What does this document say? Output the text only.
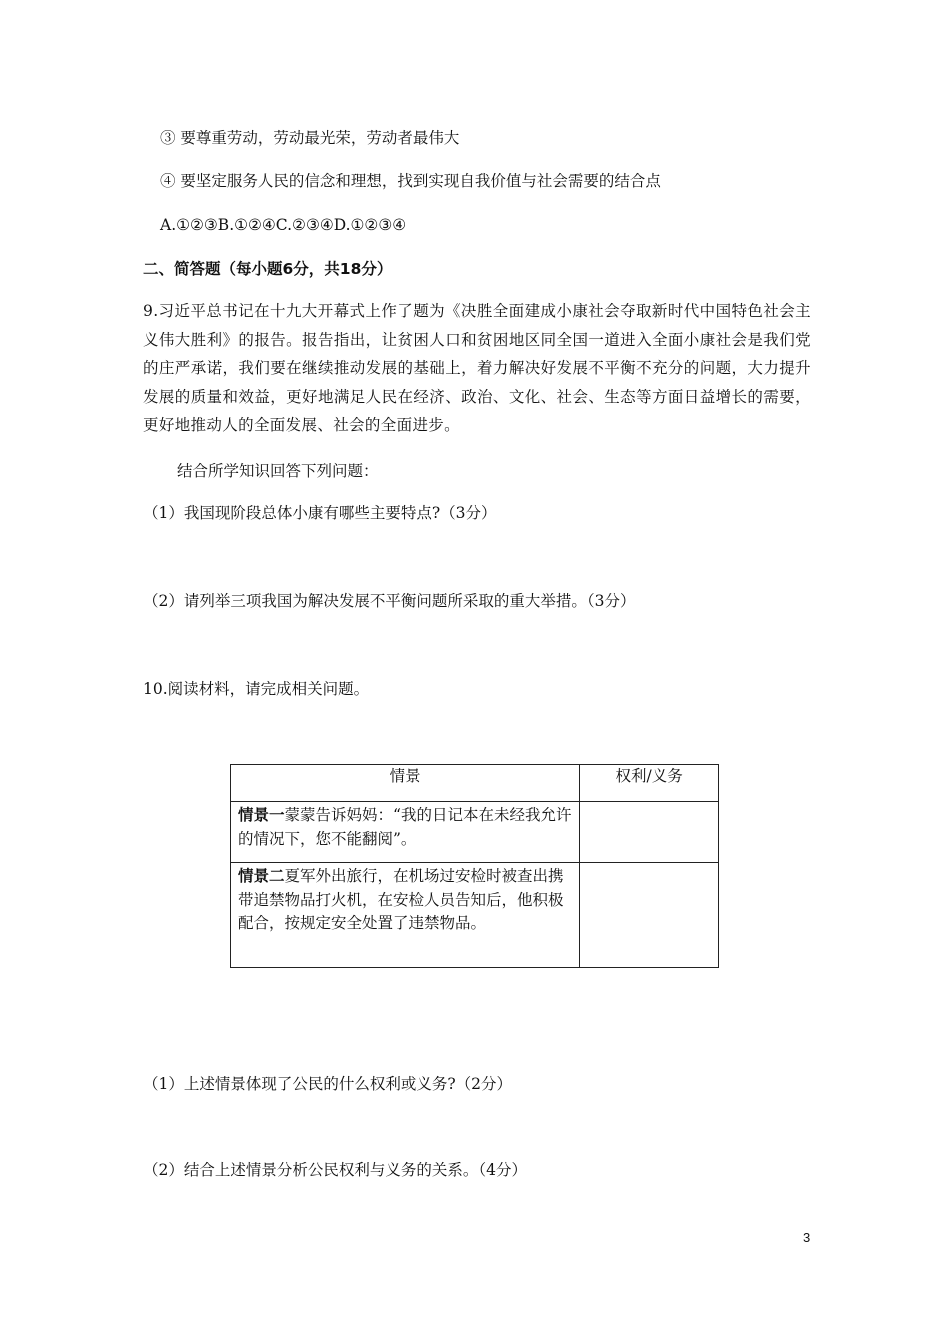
③ 要尊重劳动，劳动最光荣，劳动者最伟大
④ 要坚定服务人民的信念和理想，找到实现自我价值与社会需要的结合点
A.①②③B.①②④C.②③④D.①②③④
二、简答题（每小题6分，共18分）
9.习近平总书记在十九大开幕式上作了题为《决胜全面建成小康社会夺取新时代中国特色社会主义伟大胜利》的报告。报告指出，让贫困人口和贫困地区同全国一道进入全面小康社会是我们党的庄严承诺，我们要在继续推动发展的基础上，着力解决好发展不平衡不充分的问题，大力提升发展的质量和效益，更好地满足人民在经济、政治、文化、社会、生态等方面日益增长的需要，更好地推动人的全面发展、社会的全面进步。
结合所学知识回答下列问题：
（1）我国现阶段总体小康有哪些主要特点?（3分）
（2）请列举三项我国为解决发展不平衡问题所采取的重大举措。（3分）
10.阅读材料，请完成相关问题。
情景	权利/义务
情景一蒙蒙告诉妈妈：“我的日记本在未经我允许的情况下，您不能翻阅”。	
情景二夏军外出旅行，在机场过安检时被查出携带追禁物品打火机，在安检人员告知后，他积极配合，按规定安全处置了违禁物品。	
（1）上述情景体现了公民的什么权利或义务?（2分）
（2）结合上述情景分析公民权利与义务的关系。（4分）
3
